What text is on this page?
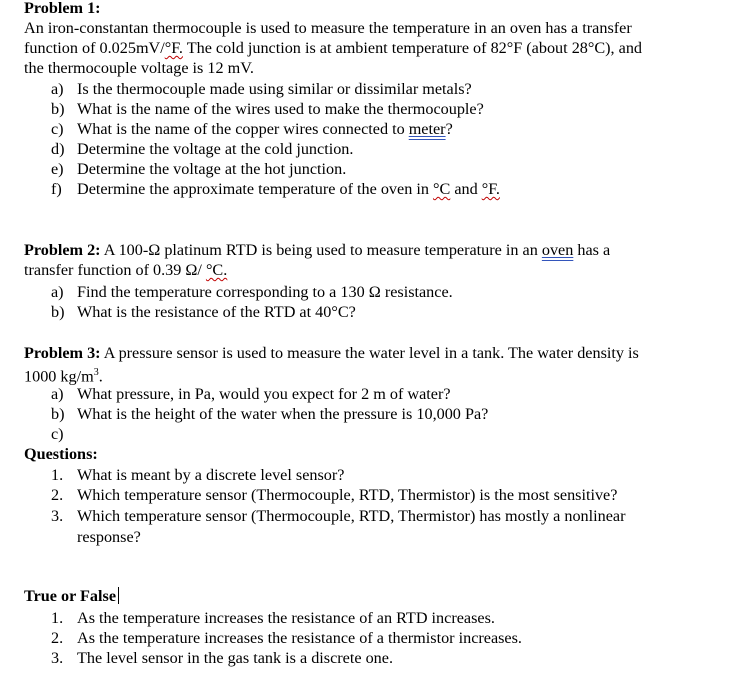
Problem 1:
An iron-constantan thermocouple is used to measure the temperature in an oven has a transfer
function of 0.025mV/°F. The cold junction is at ambient temperature of 82°F (about 28°C), and
the thermocouple voltage is 12 mV.
a) Is the thermocouple made using similar or dissimilar metals?
b) What is the name of the wires used to make the thermocouple?
c) What is the name of the copper wires connected to meter?
d) Determine the voltage at the cold junction.
e) Determine the voltage at the hot junction.
f) Determine the approximate temperature of the oven in °C and °F.
Problem 2: A 100-Ω platinum RTD is being used to measure temperature in an oven has a
transfer function of 0.39 Ω/ °C.
a) Find the temperature corresponding to a 130 Ω resistance.
b) What is the resistance of the RTD at 40°C?
Problem 3: A pressure sensor is used to measure the water level in a tank. The water density is
1000 $kg/m^3$.
a) What pressure, in Pa, would you expect for 2 m of water?
b) What is the height of the water when the pressure is 10,000 Pa?
c)
Questions:
1. What is meant by a discrete level sensor?
2. Which temperature sensor (Thermocouple, RTD, Thermistor) is the most sensitive?
3. Which temperature sensor (Thermocouple, RTD, Thermistor) has mostly a nonlinear
response?
True or False
1. As the temperature increases the resistance of an RTD increases.
2. As the temperature increases the resistance of a thermistor increases.
3. The level sensor in the gas tank is a discrete one.
